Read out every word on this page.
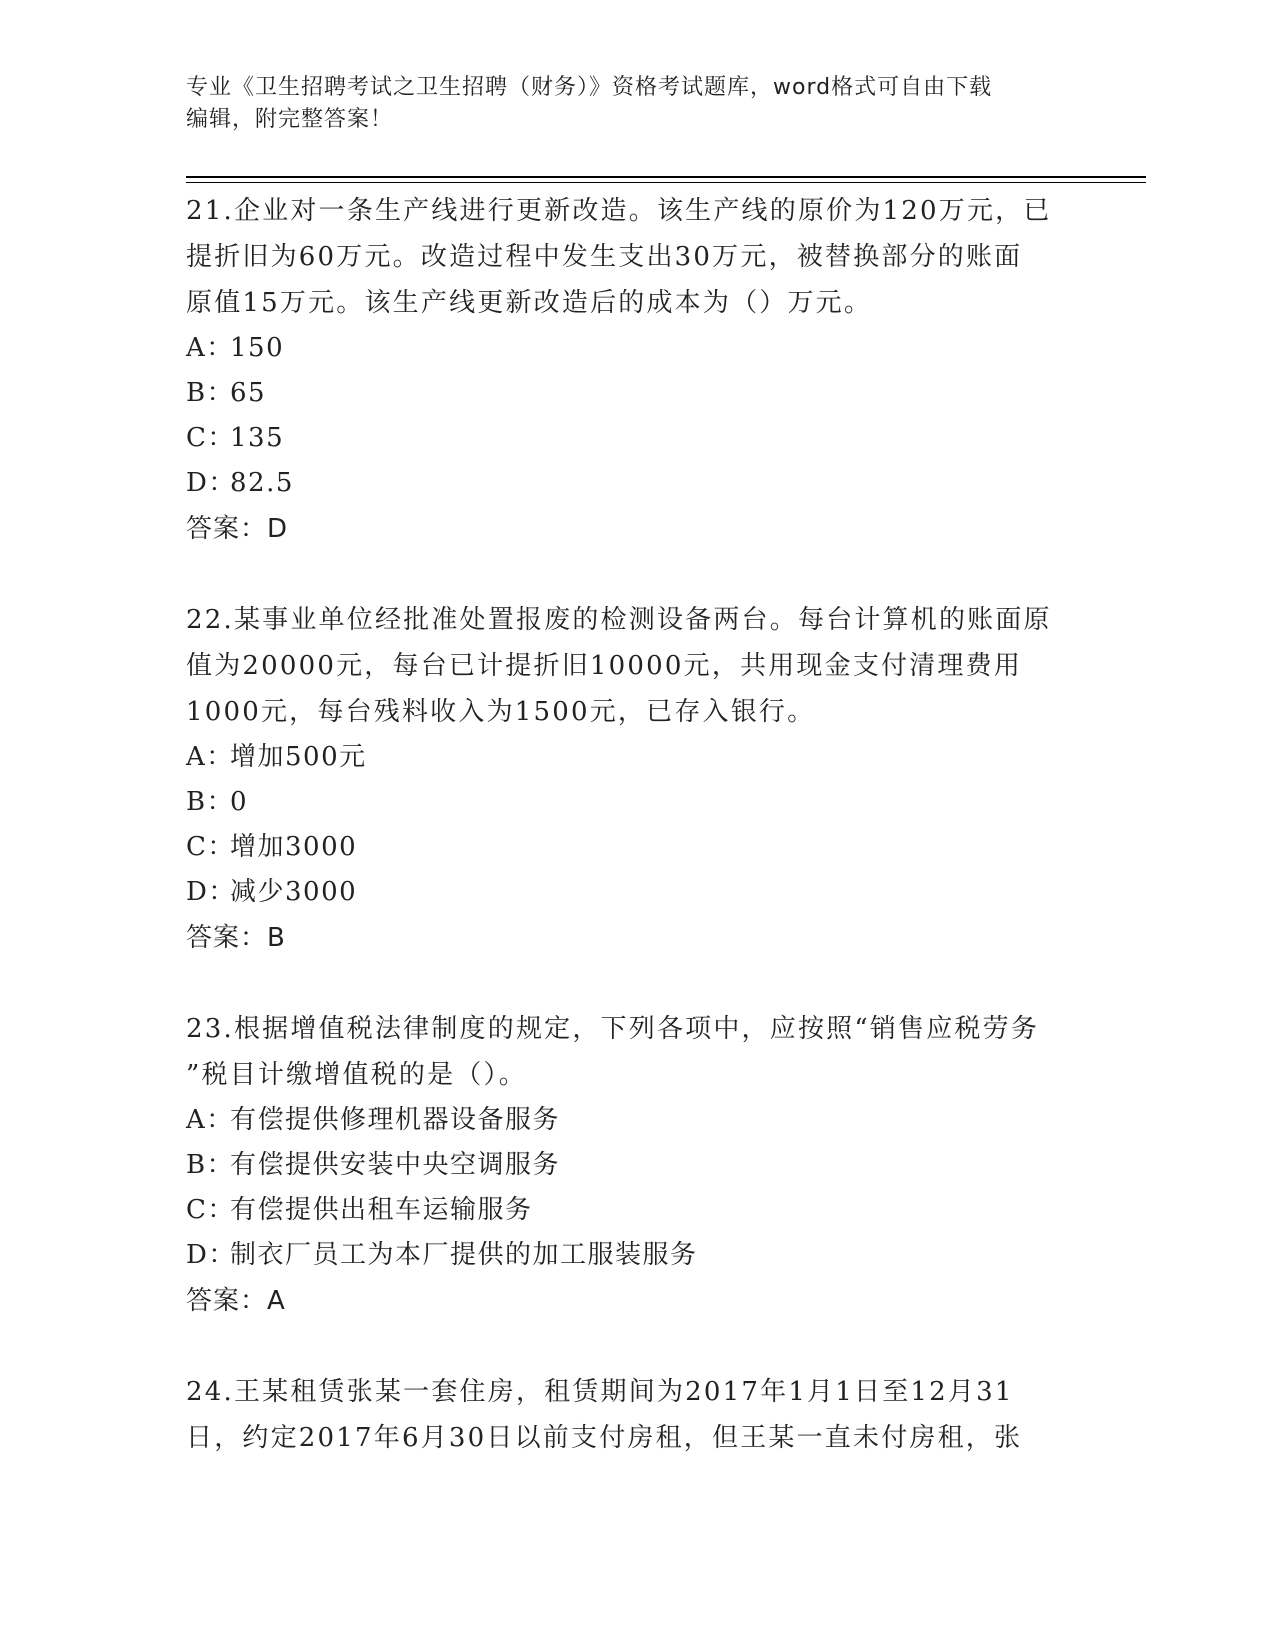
专业《卫生招聘考试之卫生招聘（财务）》资格考试题库，word格式可自由下载
编辑，附完整答案！
21.企业对一条生产线进行更新改造。该生产线的原价为120万元，已
提折旧为60万元。改造过程中发生支出30万元，被替换部分的账面
原值15万元。该生产线更新改造后的成本为（）万元。
A：150
B：65
C：135
D：82.5
答案：D
22.某事业单位经批准处置报废的检测设备两台。每台计算机的账面原
值为20000元，每台已计提折旧10000元，共用现金支付清理费用
1000元，每台残料收入为1500元，已存入银行。
A：增加500元
B：0
C：增加3000
D：减少3000
答案：B
23.根据增值税法律制度的规定，下列各项中，应按照“销售应税劳务
”税目计缴增值税的是（）。
A：有偿提供修理机器设备服务
B：有偿提供安装中央空调服务
C：有偿提供出租车运输服务
D：制衣厂员工为本厂提供的加工服装服务
答案：A
24.王某租赁张某一套住房，租赁期间为2017年1月1日至12月31
日，约定2017年6月30日以前支付房租，但王某一直未付房租，张
